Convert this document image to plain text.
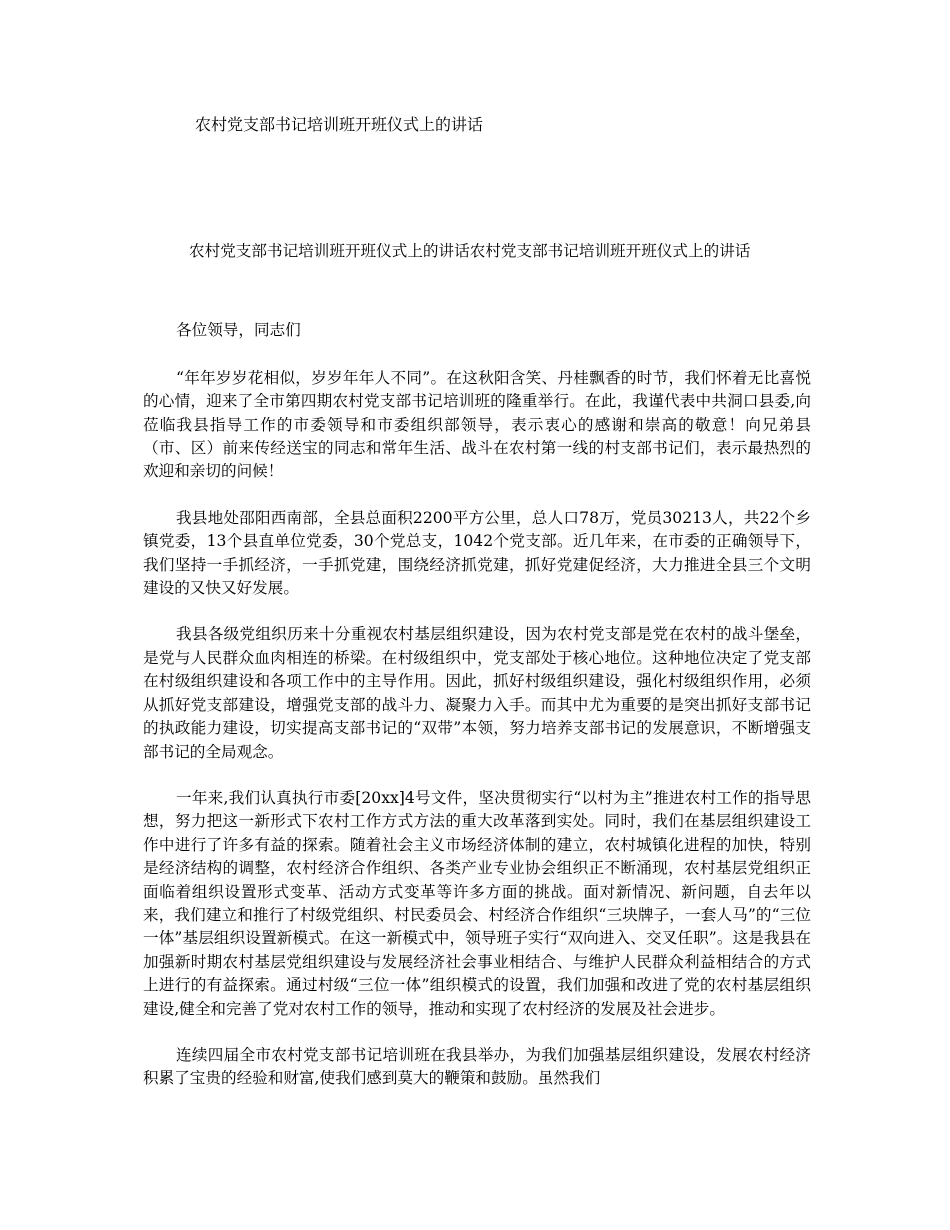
农村党支部书记培训班开班仪式上的讲话

农村党支部书记培训班开班仪式上的讲话农村党支部书记培训班开班仪式上的讲话

各位领导，同志们

“年年岁岁花相似，岁岁年年人不同”。在这秋阳含笑、丹桂飘香的时节，我们怀着无比喜悦的心情，迎来了全市第四期农村党支部书记培训班的隆重举行。在此，我谨代表中共洞口县委,向莅临我县指导工作的市委领导和市委组织部领导，表示衷心的感谢和崇高的敬意！向兄弟县（市、区）前来传经送宝的同志和常年生活、战斗在农村第一线的村支部书记们，表示最热烈的欢迎和亲切的问候！

我县地处邵阳西南部，全县总面积2200平方公里，总人口78万，党员30213人，共22个乡镇党委，13个县直单位党委，30个党总支，1042个党支部。近几年来，在市委的正确领导下，我们坚持一手抓经济，一手抓党建，围绕经济抓党建，抓好党建促经济，大力推进全县三个文明建设的又快又好发展。

我县各级党组织历来十分重视农村基层组织建设，因为农村党支部是党在农村的战斗堡垒，是党与人民群众血肉相连的桥梁。在村级组织中，党支部处于核心地位。这种地位决定了党支部在村级组织建设和各项工作中的主导作用。因此，抓好村级组织建设，强化村级组织作用，必须从抓好党支部建设，增强党支部的战斗力、凝聚力入手。而其中尤为重要的是突出抓好支部书记的执政能力建设，切实提高支部书记的“双带”本领，努力培养支部书记的发展意识，不断增强支部书记的全局观念。

一年来,我们认真执行市委[20xx]4号文件，坚决贯彻实行“以村为主”推进农村工作的指导思想，努力把这一新形式下农村工作方式方法的重大改革落到实处。同时，我们在基层组织建设工作中进行了许多有益的探索。随着社会主义市场经济体制的建立，农村城镇化进程的加快，特别是经济结构的调整，农村经济合作组织、各类产业专业协会组织正不断涌现，农村基层党组织正面临着组织设置形式变革、活动方式变革等许多方面的挑战。面对新情况、新问题，自去年以来，我们建立和推行了村级党组织、村民委员会、村经济合作组织“三块牌子，一套人马”的“三位一体”基层组织设置新模式。在这一新模式中，领导班子实行“双向进入、交叉任职”。这是我县在加强新时期农村基层党组织建设与发展经济社会事业相结合、与维护人民群众利益相结合的方式上进行的有益探索。通过村级“三位一体”组织模式的设置，我们加强和改进了党的农村基层组织建设,健全和完善了党对农村工作的领导，推动和实现了农村经济的发展及社会进步。

连续四届全市农村党支部书记培训班在我县举办，为我们加强基层组织建设，发展农村经济积累了宝贵的经验和财富,使我们感到莫大的鞭策和鼓励。虽然我们
